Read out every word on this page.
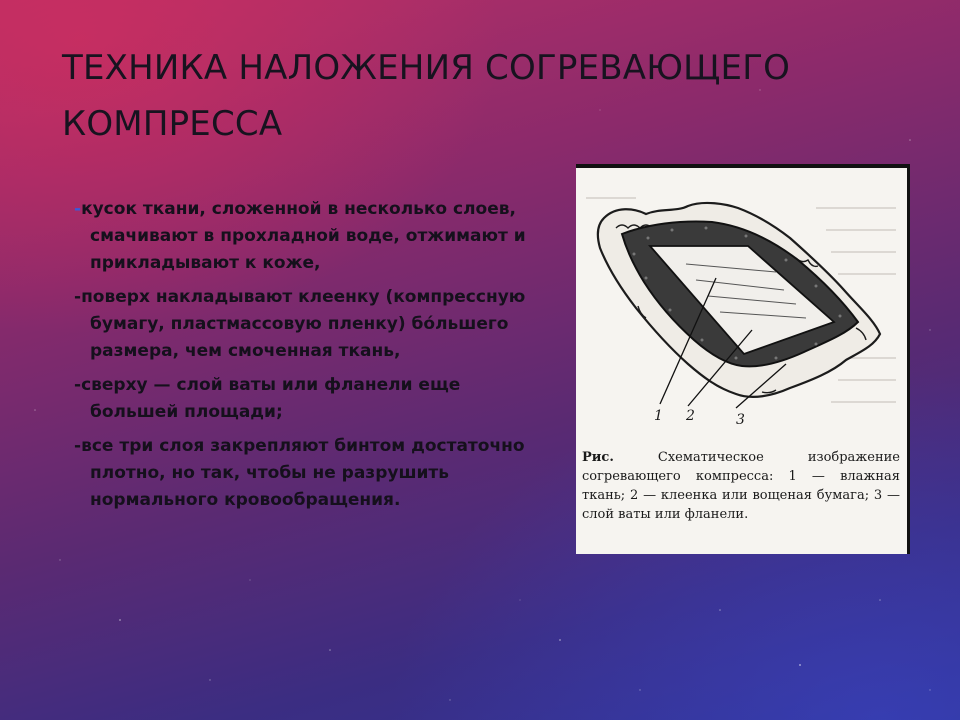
ТЕХНИКА НАЛОЖЕНИЯ СОГРЕВАЮЩЕГО
КОМПРЕССА
-кусок ткани, сложенной в несколько слоев, смачивают в прохладной воде, отжимают и прикладывают к коже,
-поверх накладывают клеенку (компрессную бумагу, пластмассовую пленку) бо́льшего размера, чем смоченная ткань,
-сверху — слой ваты или фланели еще большей площади;
-все три слоя закрепляют бинтом достаточно плотно, но так, чтобы не разрушить нормального кровообращения.
1 2	3

Рис.	Схематическое изображение согревающего компресса: 1 — влажная ткань; 2 — клеенка или вощеная бумага; 3 — слой ваты или фланели.
